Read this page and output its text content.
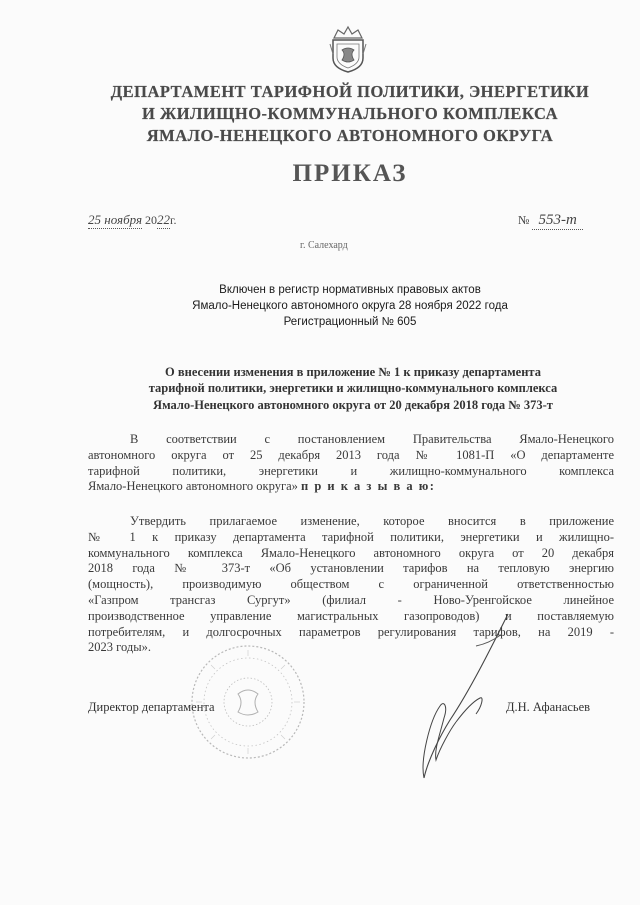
ДЕПАРТАМЕНТ ТАРИФНОЙ ПОЛИТИКИ, ЭНЕРГЕТИКИ
И ЖИЛИЩНО-КОММУНАЛЬНОГО КОМПЛЕКСА
ЯМАЛО-НЕНЕЦКОГО АВТОНОМНОГО ОКРУГА
ПРИКАЗ
25 ноября 2022г.	№ 553-т
г. Салехард
Включен в регистр нормативных правовых актов
Ямало-Ненецкого автономного округа 28 ноября 2022 года
Регистрационный № 605
О внесении изменения в приложение № 1 к приказу департамента
тарифной политики, энергетики и жилищно-коммунального комплекса
Ямало-Ненецкого автономного округа от 20 декабря 2018 года № 373-т
В соответствии с постановлением Правительства Ямало-Ненецкого
автономного округа от 25 декабря 2013 года № 1081-П «О департаменте
тарифной политики, энергетики и жилищно-коммунального комплекса
Ямало-Ненецкого автономного округа» п р и к а з ы в а ю:
Утвердить прилагаемое изменение, которое вносится в приложение
№ 1 к приказу департамента тарифной политики, энергетики и жилищно-
коммунального комплекса Ямало-Ненецкого автономного округа от 20 декабря
2018 года № 373-т «Об установлении тарифов на тепловую энергию
(мощность), производимую обществом с ограниченной ответственностью
«Газпром трансгаз Сургут» (филиал - Ново-Уренгойское линейное
производственное управление магистральных газопроводов) и поставляемую
потребителям, и долгосрочных параметров регулирования тарифов, на 2019 -
2023 годы».
Директор департамента	Д.Н. Афанасьев
